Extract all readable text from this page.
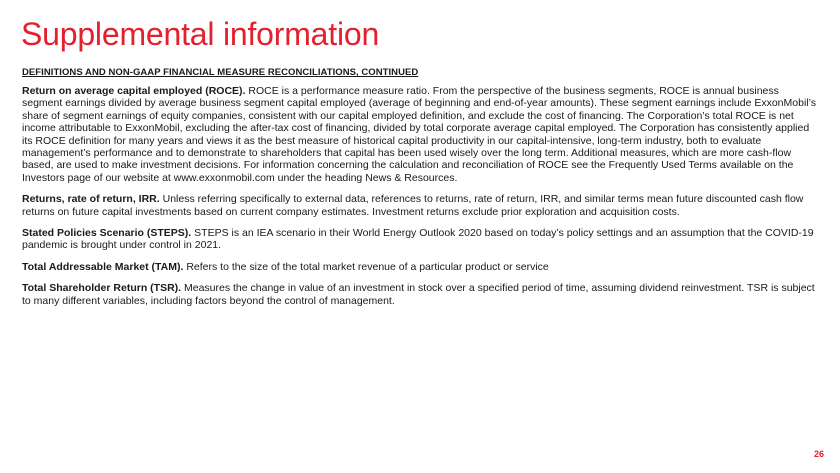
Supplemental information
DEFINITIONS AND NON-GAAP FINANCIAL MEASURE RECONCILIATIONS, CONTINUED

Return on average capital employed (ROCE). ROCE is a performance measure ratio. From the perspective of the business segments, ROCE is annual business segment earnings divided by average business segment capital employed (average of beginning and end-of-year amounts). These segment earnings include ExxonMobil’s share of segment earnings of equity companies, consistent with our capital employed definition, and exclude the cost of financing. The Corporation’s total ROCE is net income attributable to ExxonMobil, excluding the after-tax cost of financing, divided by total corporate average capital employed. The Corporation has consistently applied its ROCE definition for many years and views it as the best measure of historical capital productivity in our capital-intensive, long-term industry, both to evaluate management’s performance and to demonstrate to shareholders that capital has been used wisely over the long term. Additional measures, which are more cash-flow based, are used to make investment decisions. For information concerning the calculation and reconciliation of ROCE see the Frequently Used Terms available on the Investors page of our website at www.exxonmobil.com under the heading News & Resources.

Returns, rate of return, IRR. Unless referring specifically to external data, references to returns, rate of return, IRR, and similar terms mean future discounted cash flow returns on future capital investments based on current company estimates. Investment returns exclude prior exploration and acquisition costs.

Stated Policies Scenario (STEPS). STEPS is an IEA scenario in their World Energy Outlook 2020 based on today’s policy settings and an assumption that the COVID-19 pandemic is brought under control in 2021.

Total Addressable Market (TAM). Refers to the size of the total market revenue of a particular product or service

Total Shareholder Return (TSR). Measures the change in value of an investment in stock over a specified period of time, assuming dividend reinvestment. TSR is subject to many different variables, including factors beyond the control of management.

26
